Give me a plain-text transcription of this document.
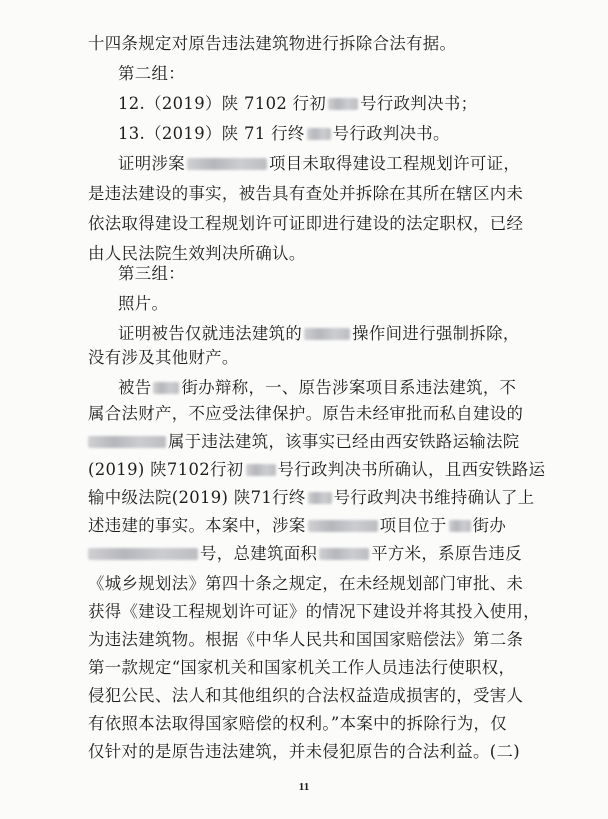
十四条规定对原告违法建筑物进行拆除合法有据。
第二组：
12.（2019）陕 7102 行初 号行政判决书；
13.（2019）陕 71 行终 号行政判决书。
证明涉案	项目未取得建设工程规划许可证，
是违法建设的事实，被告具有查处并拆除在其所在辖区内未
依法取得建设工程规划许可证即进行建设的法定职权，已经
由人民法院生效判决所确认。
第三组：
照片。
证明被告仅就违法建筑的	操作间进行强制拆除，
没有涉及其他财产。
被告 街办辩称，一、原告涉案项目系违法建筑，不
属合法财产，不应受法律保护。原告未经审批而私自建设的
属于违法建筑，该事实已经由西安铁路运输法院
(2019) 陕7102行初 号行政判决书所确认，且西安铁路运
输中级法院(2019) 陕71行终 号行政判决书维持确认了上
述违建的事实。本案中，涉案	项目位于 街办
号，总建筑面积	平方米，系原告违反
《城乡规划法》第四十条之规定，在未经规划部门审批、未
获得《建设工程规划许可证》的情况下建设并将其投入使用，
为违法建筑物。根据《中华人民共和国国家赔偿法》第二条
第一款规定“国家机关和国家机关工作人员违法行使职权，
侵犯公民、法人和其他组织的合法权益造成损害的，受害人
有依照本法取得国家赔偿的权利。”本案中的拆除行为，仅
仅针对的是原告违法建筑，并未侵犯原告的合法利益。(二)
11
